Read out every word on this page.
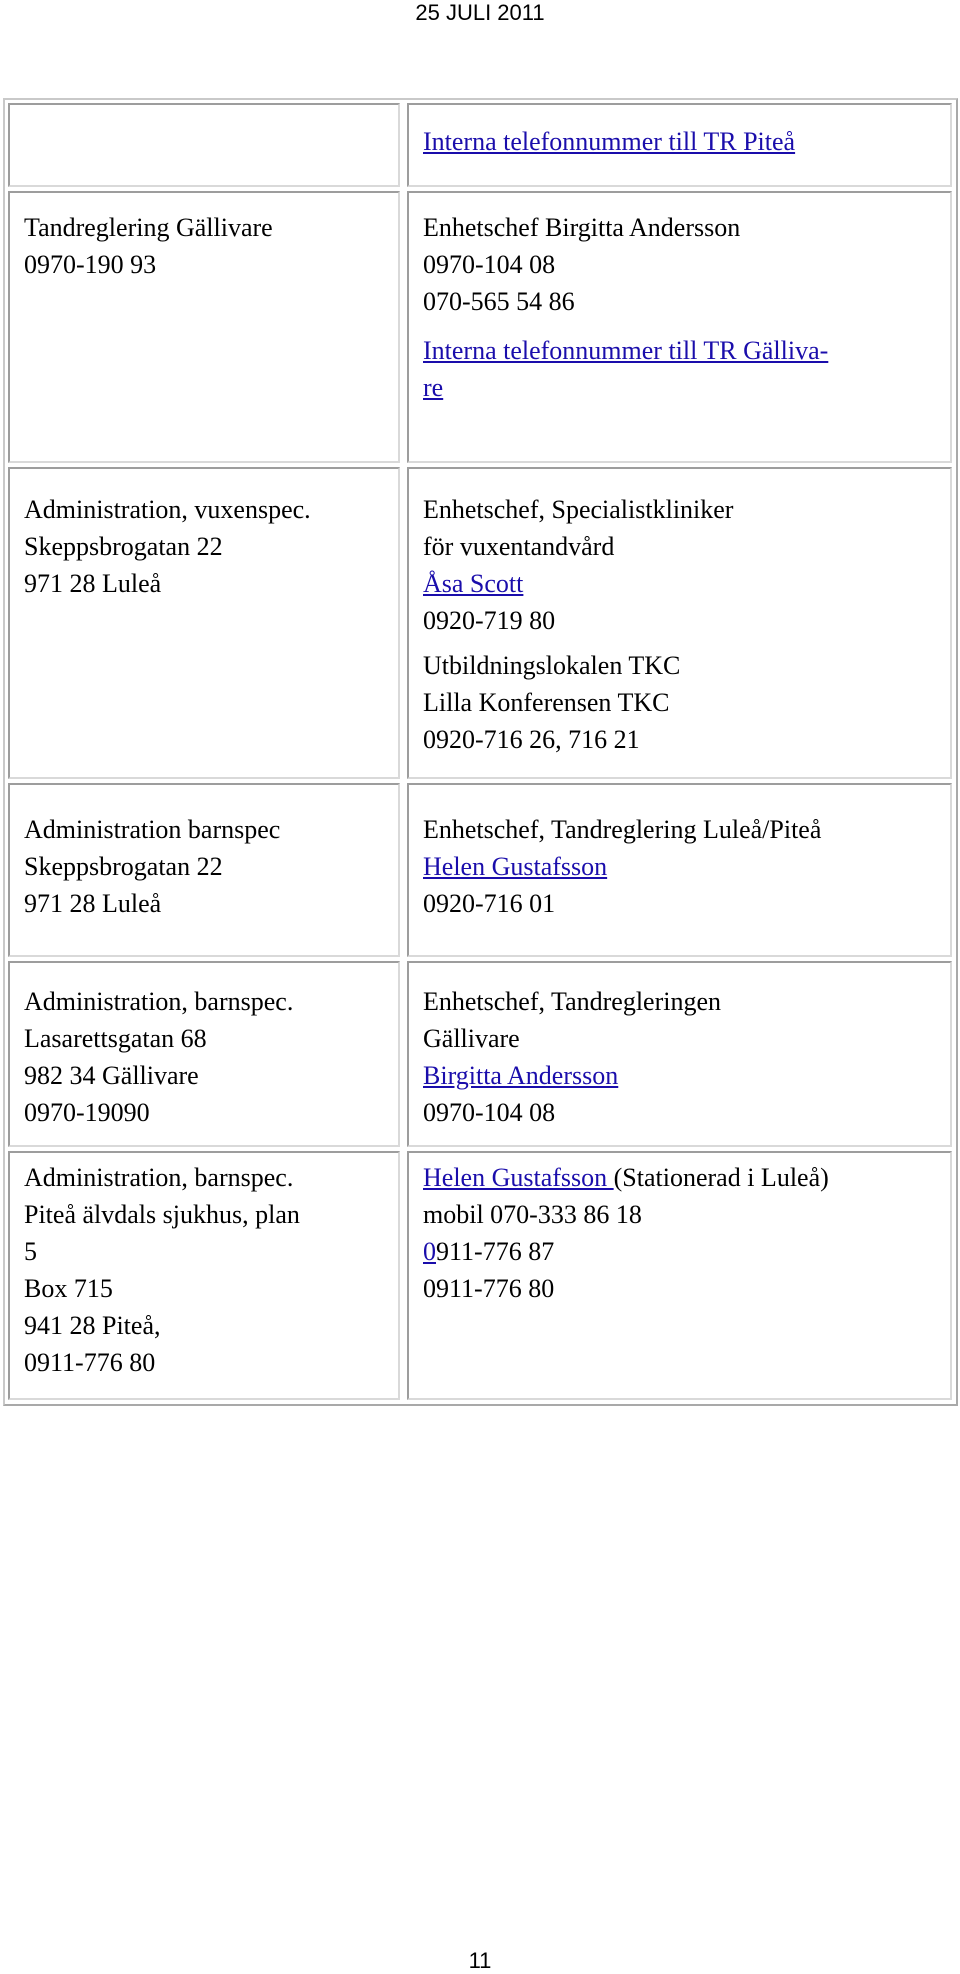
25 JULI 2011
Interna telefonnummer till TR Piteå
Tandreglering Gällivare
0970-190 93
Enhetschef Birgitta Andersson
0970-104 08
070-565 54 86
Interna telefonnummer till TR Gälliva-
re
Administration, vuxenspec.
Skeppsbrogatan 22
971 28 Luleå
Enhetschef, Specialistkliniker
för vuxentandvård
Åsa Scott
0920-719 80
Utbildningslokalen TKC
Lilla Konferensen TKC
0920-716 26, 716 21
Administration barnspec
Skeppsbrogatan 22
971 28 Luleå
Enhetschef, Tandreglering Luleå/Piteå
Helen Gustafsson
0920-716 01
Administration, barnspec.
Lasarettsgatan 68
982 34 Gällivare
0970-19090
Enhetschef, Tandregleringen
Gällivare
Birgitta Andersson
0970-104 08
Administration, barnspec.
Piteå älvdals sjukhus, plan
5
Box 715
941 28 Piteå,
0911-776 80
Helen Gustafsson (Stationerad i Luleå)
mobil 070-333 86 18
0911-776 87
0911-776 80
11
